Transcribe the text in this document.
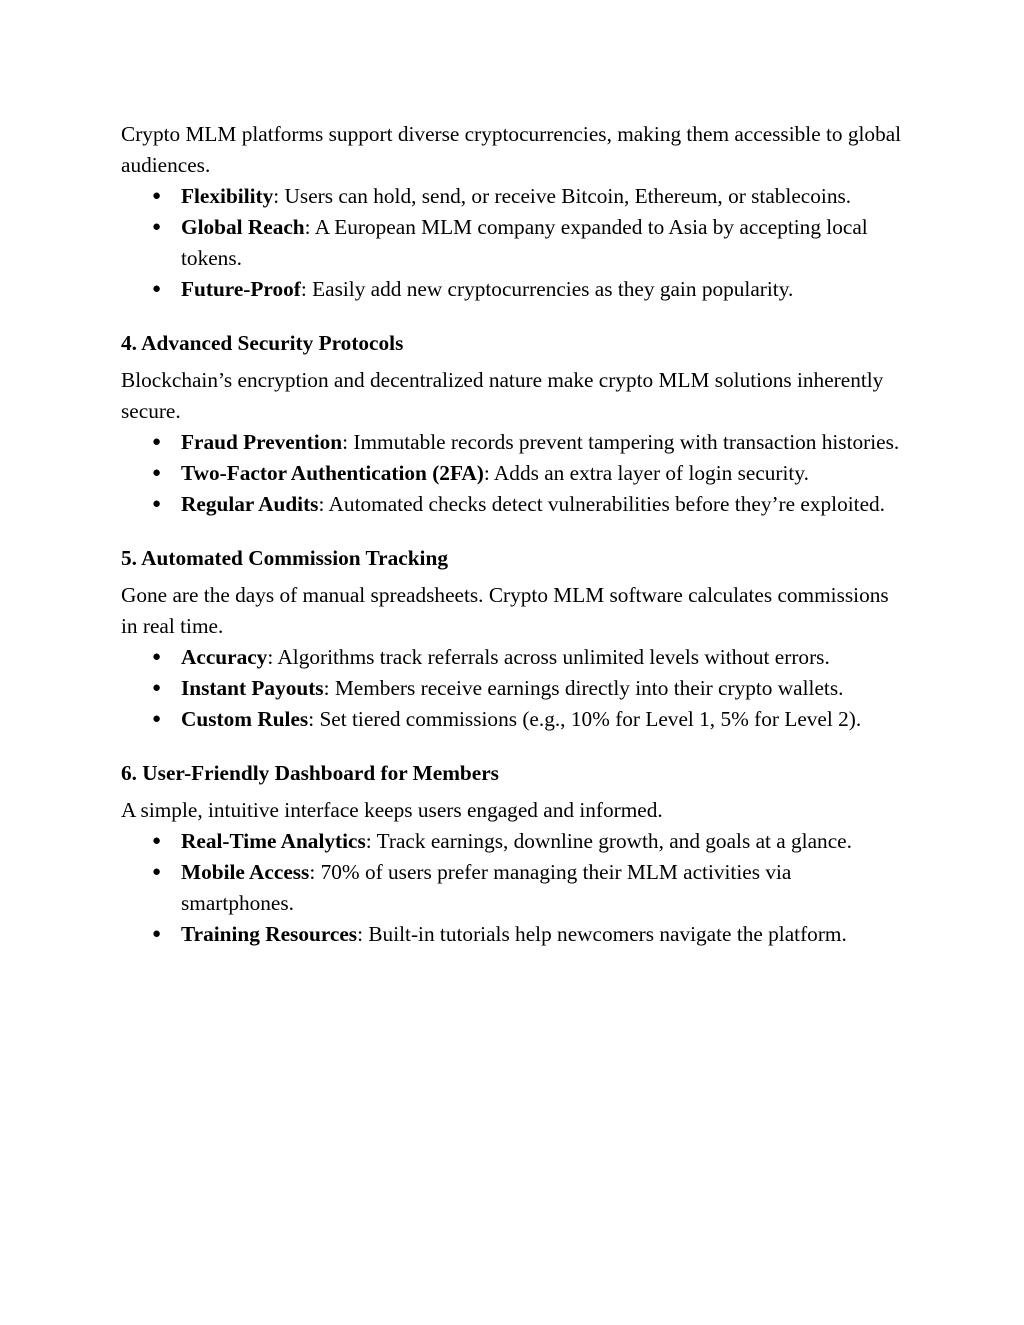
Crypto MLM platforms support diverse cryptocurrencies, making them accessible to global audiences.

● Flexibility: Users can hold, send, or receive Bitcoin, Ethereum, or stablecoins.
● Global Reach: A European MLM company expanded to Asia by accepting local tokens.
● Future-Proof: Easily add new cryptocurrencies as they gain popularity.

4. Advanced Security Protocols

Blockchain’s encryption and decentralized nature make crypto MLM solutions inherently secure.

● Fraud Prevention: Immutable records prevent tampering with transaction histories.
● Two-Factor Authentication (2FA): Adds an extra layer of login security.
● Regular Audits: Automated checks detect vulnerabilities before they’re exploited.

5. Automated Commission Tracking

Gone are the days of manual spreadsheets. Crypto MLM software calculates commissions in real time.

● Accuracy: Algorithms track referrals across unlimited levels without errors.
● Instant Payouts: Members receive earnings directly into their crypto wallets.
● Custom Rules: Set tiered commissions (e.g., 10% for Level 1, 5% for Level 2).

6. User-Friendly Dashboard for Members

A simple, intuitive interface keeps users engaged and informed.

● Real-Time Analytics: Track earnings, downline growth, and goals at a glance.
● Mobile Access: 70% of users prefer managing their MLM activities via smartphones.
● Training Resources: Built-in tutorials help newcomers navigate the platform.
